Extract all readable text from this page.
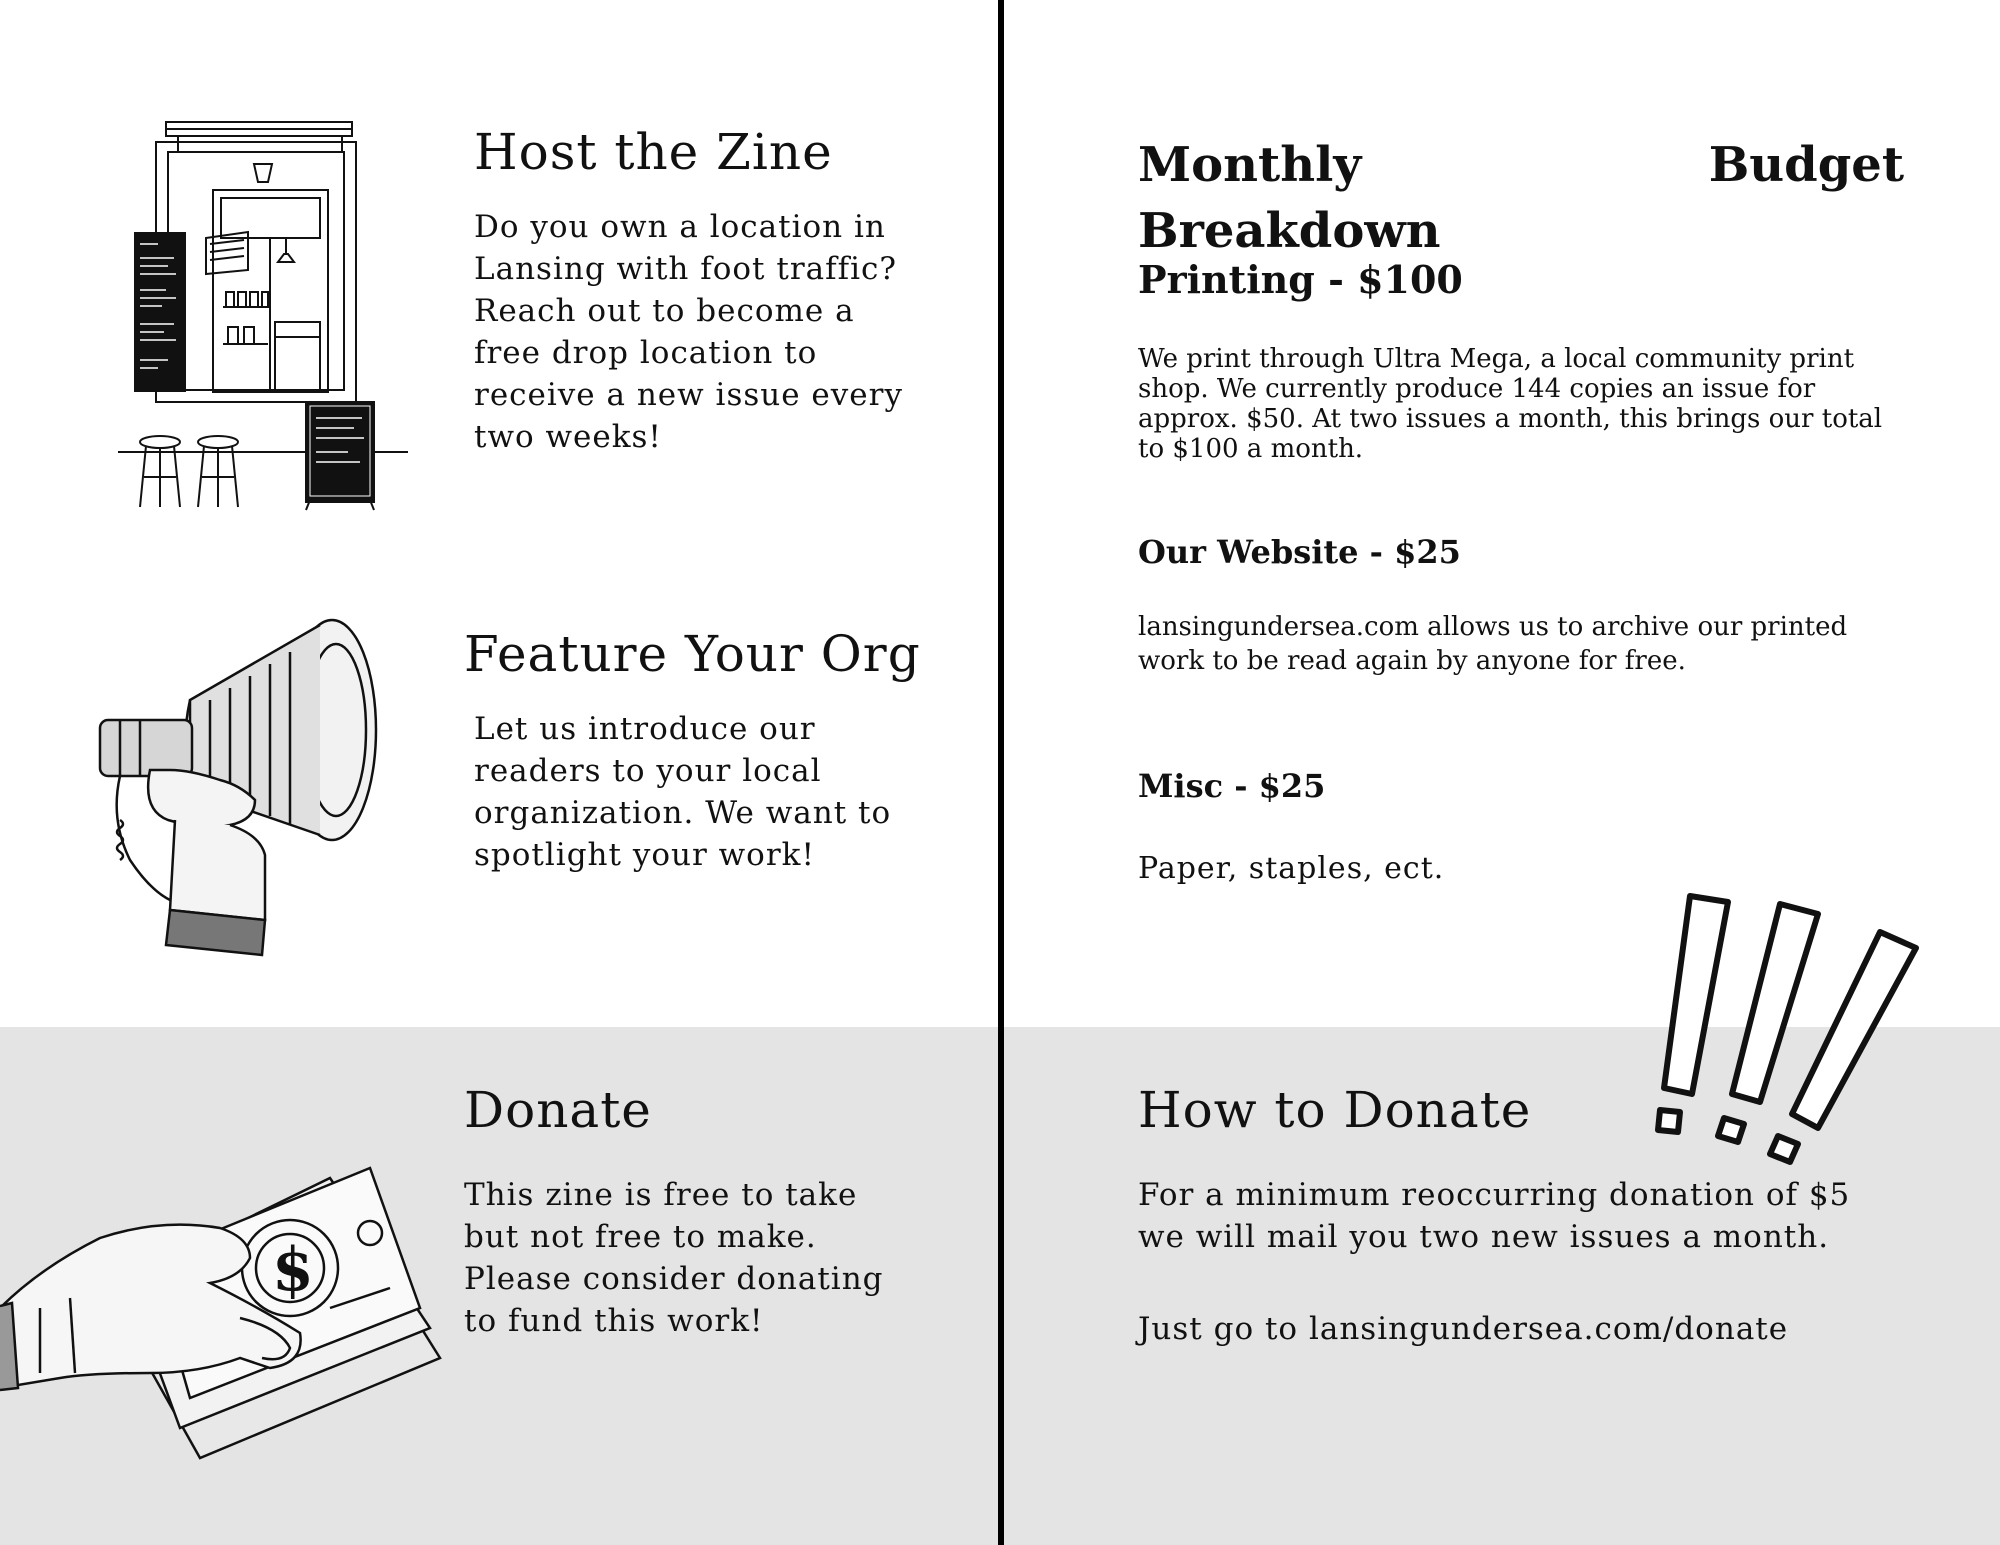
$
Host the Zine

Do you own a location in

Lansing with foot traffic?

Reach out to become a

free drop location to

receive a new issue every

two weeks!

Feature Your Org

Let us introduce our

readers to your local

organization. We want to

spotlight your work!

Donate

This zine is free to take

but not free to make.

Please consider donating

to fund this work!

Monthly	Budget
Breakdown

Printing - $100

We print through Ultra Mega, a local community print

shop. We currently produce 144 copies an issue for

approx. $50. At two issues a month, this brings our total

to $100 a month.

Our Website - $25

lansingundersea.com allows us to archive our printed

work to be read again by anyone for free.

Misc - $25

Paper, staples, ect.

How to Donate

For a minimum reoccurring donation of $5

we will mail you two new issues a month.

Just go to lansingundersea.com/donate
